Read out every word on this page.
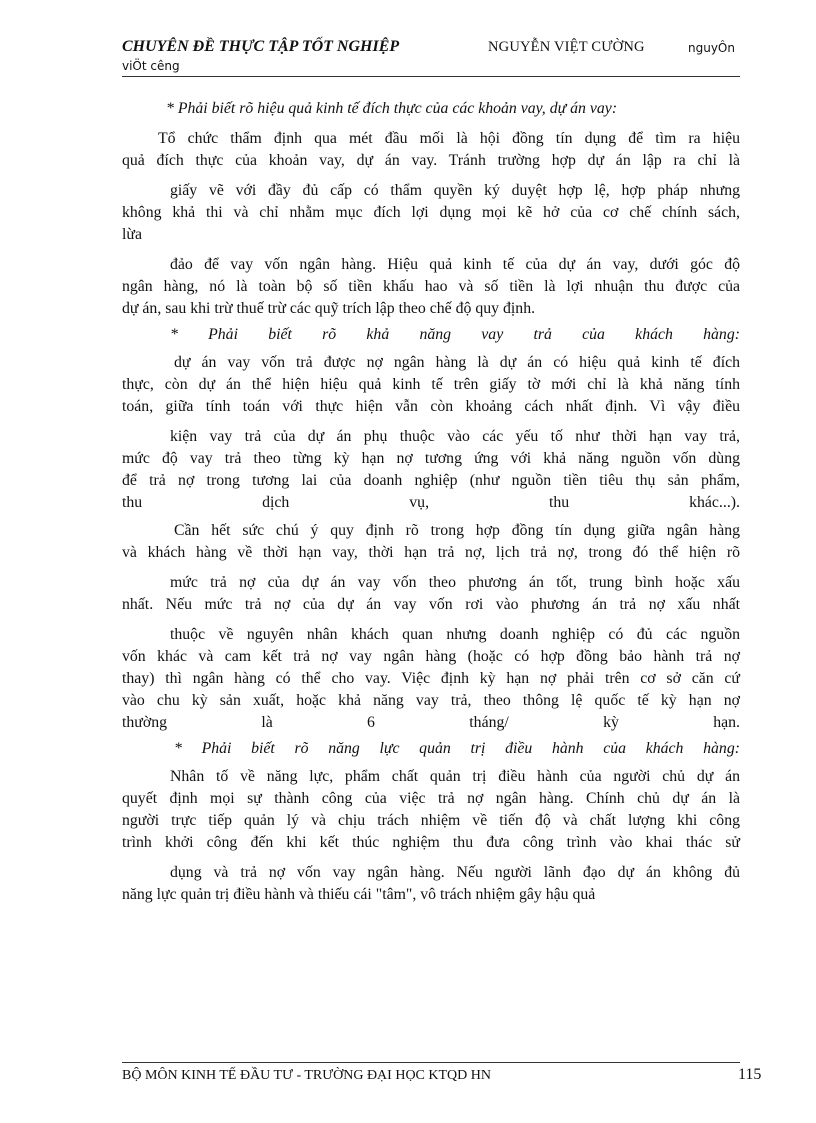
CHUYÊN ĐỀ THỰC TẬP TỐT NGHIỆP	NGUYỄN VIỆT CƯỜNG	nguyÔn
viÖt cêng

* Phải biết rõ hiệu quả kinh tế đích thực của các khoản vay, dự án vay:

Tổ chức thẩm định qua mét đầu mối là hội đồng tín dụng để tìm ra hiệu

quả đích thực của khoản vay, dự án vay. Tránh trường hợp dự án lập ra chỉ là

giấy vẽ với đầy đủ cấp có thẩm quyền ký duyệt hợp lệ, hợp pháp nhưng

không khả thi và chỉ nhằm mục đích lợi dụng mọi kẽ hở của cơ chế chính sách,

lừa

đảo để vay vốn ngân hàng. Hiệu quả kinh tế của dự án vay, dưới góc độ

ngân hàng, nó là toàn bộ số tiền khấu hao và số tiền là lợi nhuận thu được của

dự án, sau khi trừ thuế trừ các quỹ trích lập theo chế độ quy định.

* Phải biết rõ khả năng vay trả của khách hàng:

dự án vay vốn trả được nợ ngân hàng là dự án có hiệu quả kinh tế đích

thực, còn dự án thể hiện hiệu quả kinh tế trên giấy tờ mới chỉ là khả năng tính

toán, giữa tính toán với thực hiện vẫn còn khoảng cách nhất định. Vì vậy điều

kiện vay trả của dự án phụ thuộc vào các yếu tố như thời hạn vay trả,

mức độ vay trả theo từng kỳ hạn nợ tương ứng với khả năng nguồn vốn dùng

để trả nợ trong tương lai của doanh nghiệp (như nguồn tiền tiêu thụ sản phẩm,

thu dịch vụ, thu khác...).

Cần hết sức chú ý quy định rõ trong hợp đồng tín dụng giữa ngân hàng

và khách hàng về thời hạn vay, thời hạn trả nợ, lịch trả nợ, trong đó thể hiện rõ

mức trả nợ của dự án vay vốn theo phương án tốt, trung bình hoặc xấu

nhất. Nếu mức trả nợ của dự án vay vốn rơi vào phương án trả nợ xấu nhất

thuộc về nguyên nhân khách quan nhưng doanh nghiệp có đủ các nguồn

vốn khác và cam kết trả nợ vay ngân hàng (hoặc có hợp đồng bảo hành trả nợ

thay) thì ngân hàng có thể cho vay. Việc định kỳ hạn nợ phải trên cơ sở căn cứ

vào chu kỳ sản xuất, hoặc khả năng vay trả, theo thông lệ quốc tế kỳ hạn nợ

thường là 6 tháng/ kỳ hạn.

* Phải biết rõ năng lực quản trị điều hành của khách hàng:

Nhân tố về năng lực, phẩm chất quản trị điều hành của người chủ dự án

quyết định mọi sự thành công của việc trả nợ ngân hàng. Chính chủ dự án là

người trực tiếp quản lý và chịu trách nhiệm về tiến độ và chất lượng khi công

trình khởi công đến khi kết thúc nghiệm thu đưa công trình vào khai thác sử

dụng và trả nợ vốn vay ngân hàng. Nếu người lãnh đạo dự án không đủ

năng lực quản trị điều hành và thiếu cái "tâm", vô trách nhiệm gây hậu quả

BỘ MÔN KINH TẾ ĐẦU TƯ - TRƯỜNG ĐẠI HỌC KTQD HN	115
